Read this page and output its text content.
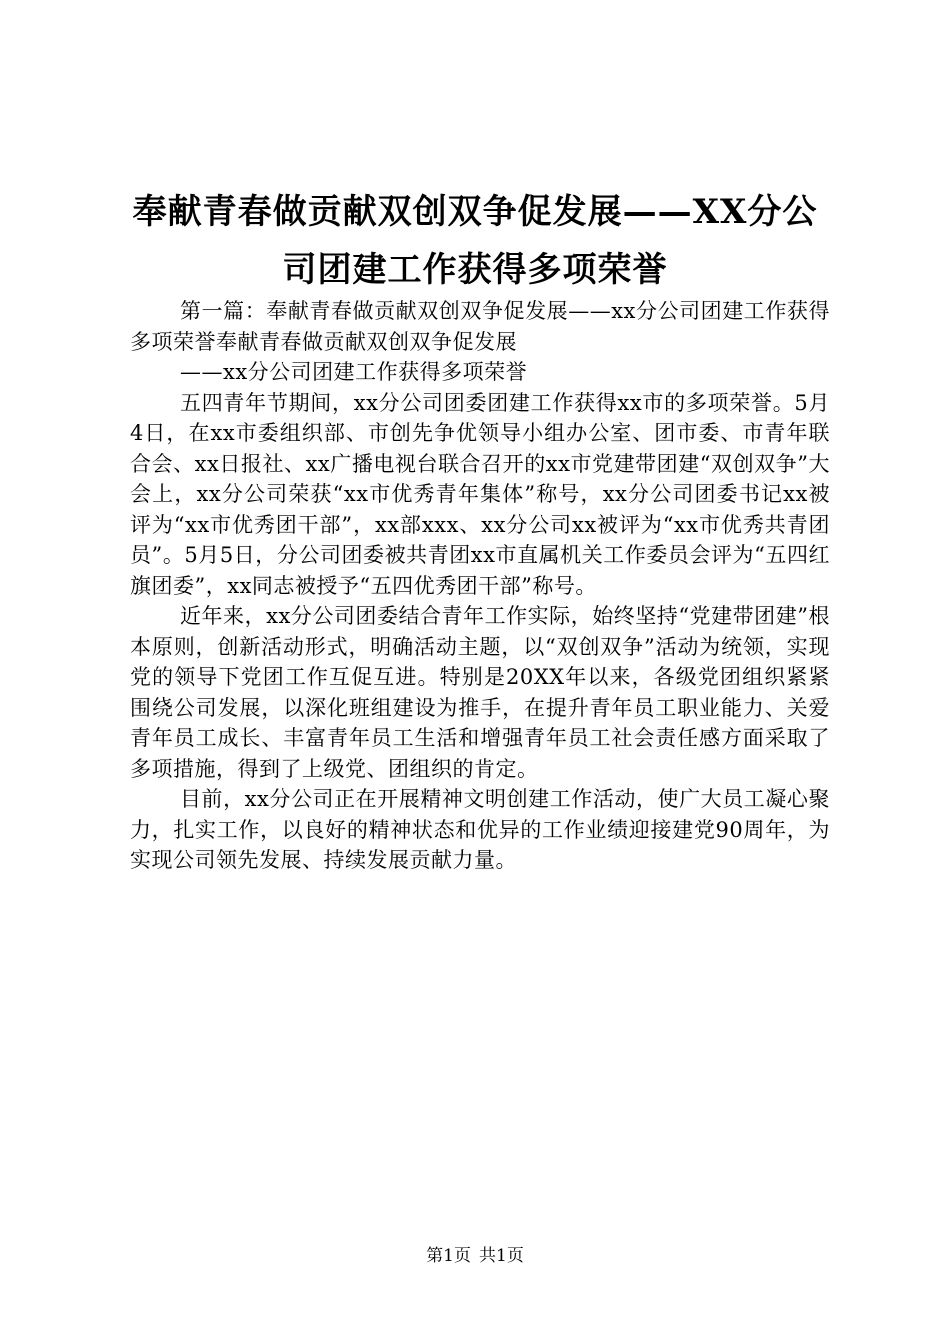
奉献青春做贡献双创双争促发展——XX分公
司团建工作获得多项荣誉

第一篇：奉献青春做贡献双创双争促发展——xx分公司团建工作获得多项荣誉奉献青春做贡献双创双争促发展

——xx分公司团建工作获得多项荣誉

五四青年节期间，xx分公司团委团建工作获得xx市的多项荣誉。5月4日，在xx市委组织部、市创先争优领导小组办公室、团市委、市青年联合会、xx日报社、xx广播电视台联合召开的xx市党建带团建“双创双争”大会上，xx分公司荣获“xx市优秀青年集体”称号，xx分公司团委书记xx被评为“xx市优秀团干部”，xx部xxx、xx分公司xx被评为“xx市优秀共青团员”。5月5日，分公司团委被共青团xx市直属机关工作委员会评为“五四红旗团委”，xx同志被授予“五四优秀团干部”称号。

近年来，xx分公司团委结合青年工作实际，始终坚持“党建带团建”根本原则，创新活动形式，明确活动主题，以“双创双争”活动为统领，实现党的领导下党团工作互促互进。特别是20XX年以来，各级党团组织紧紧围绕公司发展，以深化班组建设为推手，在提升青年员工职业能力、关爱青年员工成长、丰富青年员工生活和增强青年员工社会责任感方面采取了多项措施，得到了上级党、团组织的肯定。

目前，xx分公司正在开展精神文明创建工作活动，使广大员工凝心聚力，扎实工作，以良好的精神状态和优异的工作业绩迎接建党90周年，为实现公司领先发展、持续发展贡献力量。

第1页 共1页
